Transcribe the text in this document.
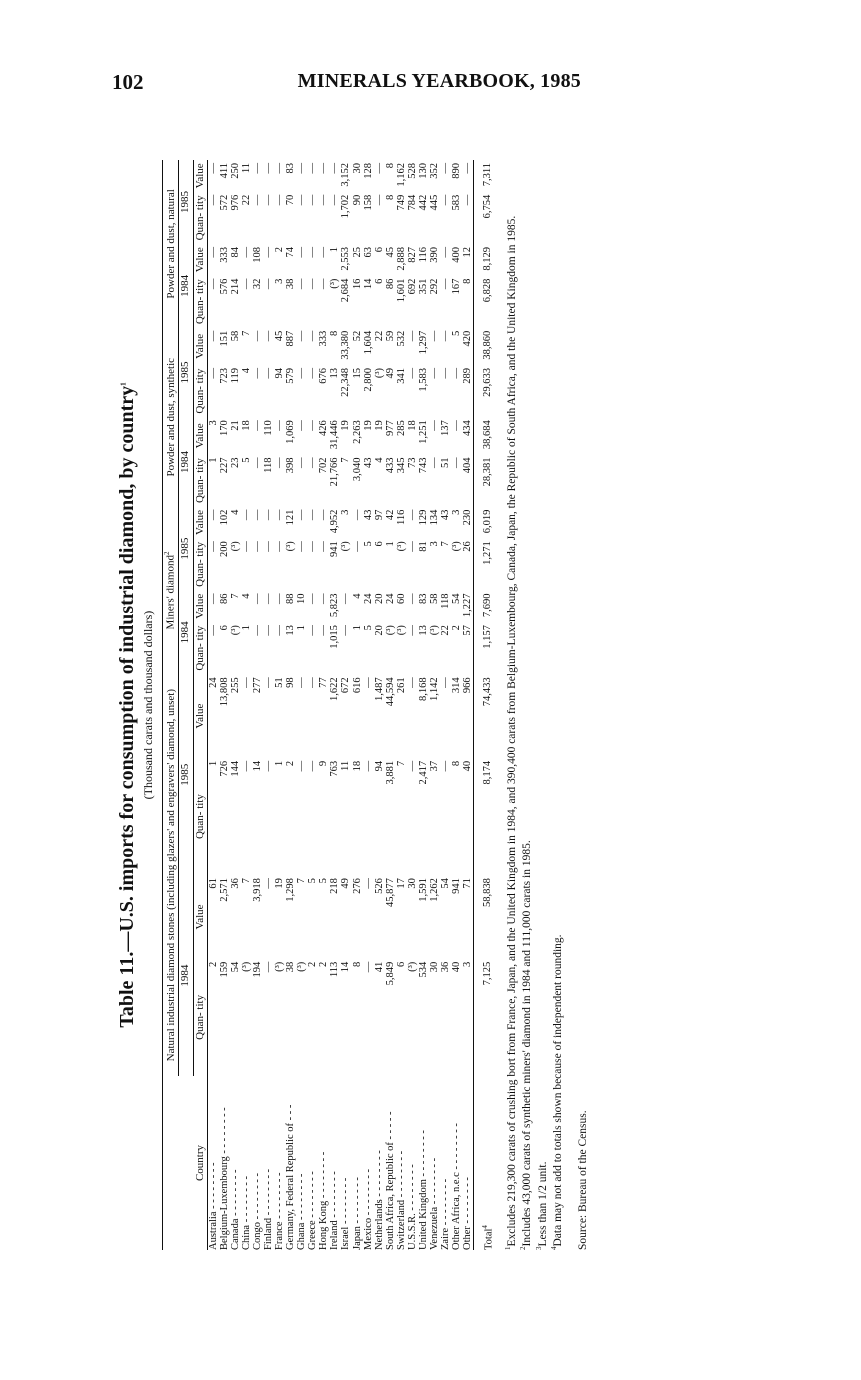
102	MINERALS YEARBOOK, 1985
Table 11.—U.S. imports for consumption of industrial diamond, by country$^1$
(Thousand carats and thousand dollars)
Country	Natural industrial diamond stones (including glazers' and engravers' diamond, unset)				Miners' diamond$^2$				Powder and dust, synthetic				Powder and dust, natural			
	1984		1985		1984		1985		1984		1985		1984		1985	
	Quan- tity	Value	Quan- tity	Value	Quan- tity	Value	Quan- tity	Value	Quan- tity	Value	Quan- tity	Value	Quan- tity	Value	Quan- tity	Value
Australia - - - - - - - -	2	61	1	24	—	—	—	—	1	3	—	—	—	—	—	—
Belgium-Luxembourg - - - - - - - -	159	2,571	726	13,808	6	86	200	102	227	170	723	151	576	333	572	411
Canada - - - - - - - -	54	36	144	255	(³)	7	(³)	4	23	21	119	58	214	84	976	250
China - - - - - - - -	(³)	7	—	—	1	4	—	—	5	18	4	7	—	—	22	11
Congo - - - - - - - -	194	3,918	14	277	—	—	—	—	—	—	—	—	32	108	—	—
Finland - - - - - - - -	—	—	—	—	—	—	—	—	118	110	—	—	—	—	—	—
France - - - - - - - -	(³)	19	1	51	—	—	—	—	—	—	94	45	3	2	—	—
Germany, Federal Republic of - - -	38	1,298	2	98	13	88	(³)	121	398	1,069	579	887	38	74	70	83
Ghana - - - - - - - -	(³)	7	—	—	1	10	—	—	—	—	—	—	—	—	—	—
Greece - - - - - - - -	2	5	—	—	—	—	—	—	—	—	—	—	—	—	—	—
Hong Kong - - - - - - - -	2	5	9	77	—	—	—	—	702	426	676	333	—	—	—	—
Ireland - - - - - - - -	113	218	763	1,622	1,015	5,823	941	4,952	21,766	31,446	13	8	(³)	1	—	—
Israel - - - - - - - -	14	49	11	672	—	—	(³)	3	7	19	22,348	33,380	2,684	2,553	1,702	3,152
Japan - - - - - - - -	8	276	18	616	1	4	—	—	3,040	2,263	15	52	16	25	90	30
Mexico - - - - - - - -	—	—	—	—	5	24	5	43	43	19	2,800	1,604	14	63	158	128
Netherlands - - - - - - - -	41	526	94	1,487	20	20	6	97	4	19	(³)	22	6	6	—	—
South Africa, Republic of - - - - -	5,849	45,877	3,881	44,594	(³)	24	1	42	433	977	49	59	86	45	8	8
Switzerland - - - - - - - -	6	17	7	261	(³)	60	(³)	116	345	285	341	532	1,601	2,888	749	1,162
U.S.S.R. - - - - - - - -	(³)	30	—	—	—	—	—	—	73	18	—	—	692	827	784	528
United Kingdom - - - - - - - -	534	1,591	2,417	8,168	13	83	81	129	743	1,251	1,583	1,297	351	116	442	130
Venezuela - - - - - - - -	30	1,262	37	1,142	(³)	58	3	134	—	—	—	—	292	390	445	352
Zaire - - - - - - - -	36	54	—	—	22	118	7	43	51	137	—	—	—	—	—	—
Other Africa, n.e.c - - - - - - - -	40	941	8	314	2	54	(³)	3	—	—	—	5	167	400	583	890
Other - - - - - - - -	3	71	40	966	57	1,227	26	230	404	434	289	420	8	12	—	—
Total$^4$	7,125	58,838	8,174	74,433	1,157	7,690	1,271	6,019	28,381	38,684	29,633	38,860	6,828	8,129	6,754	7,311

$^1$Excludes 219,300 carats of crushing bort from France, Japan, and the United Kingdom in 1984, and 390,400 carats from Belgium-Luxembourg, Canada, Japan, the Republic of South Africa, and the United Kingdom in 1985.

$^2$Includes 43,000 carats of synthetic miners' diamond in 1984 and 111,000 carats in 1985.

$^3$Less than 1/2 unit.

$^4$Data may not add to totals shown because of independent rounding. Source: Bureau of the Census.
